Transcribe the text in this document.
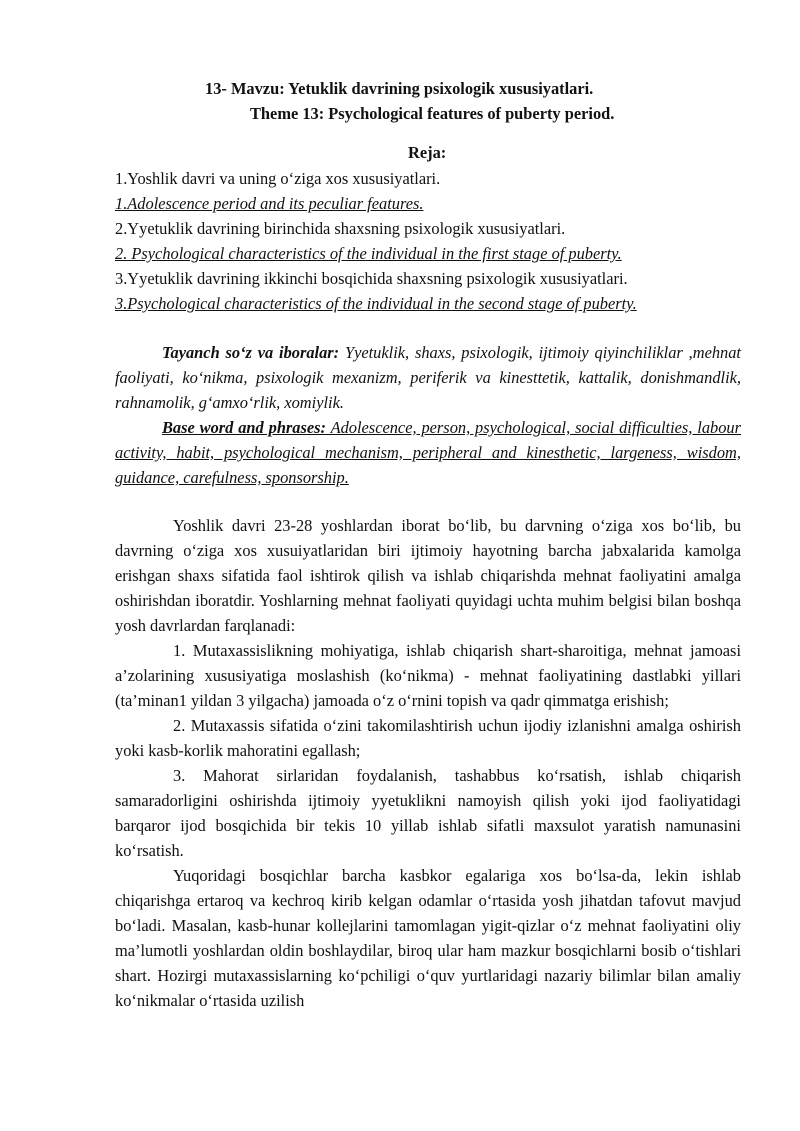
13- Mavzu: Yetuklik davrining psixologik xususiyatlari.
Theme 13: Psychological features of puberty period.
Reja:
1.Yoshlik davri va uning o‘ziga xos xususiyatlari.
1.Adolescence period and its peculiar features.
2.Yyetuklik davrining birinchida shaxsning psixologik xususiyatlari.
2. Psychological characteristics of the individual in the first stage of puberty.
3.Yyetuklik davrining ikkinchi bosqichida shaxsning psixologik xususiyatlari.
3.Psychological characteristics of the individual in the second stage of puberty.

Tayanch so‘z va iboralar: Yyetuklik, shaxs, psixologik, ijtimoiy qiyinchiliklar ,mehnat faoliyati, ko‘nikma, psixologik mexanizm, periferik va kinesttetik, kattalik, donishmandlik, rahnamolik, g‘amxo‘rlik, xomiylik.

Base word and phrases: Adolescence, person, psychological, social difficulties, labour activity, habit, psychological mechanism, peripheral and kinesthetic, largeness, wisdom, guidance, carefulness, sponsorship.

Yoshlik davri 23-28 yoshlardan iborat bo‘lib, bu darvning o‘ziga xos bo‘lib, bu davrning o‘ziga xos xusuiyatlaridan biri ijtimoiy hayotning barcha jabxalarida kamolga erishgan shaxs sifatida faol ishtirok qilish va ishlab chiqarishda mehnat faoliyatini amalga oshirishdan iboratdir. Yoshlarning mehnat faoliyati quyidagi uchta muhim belgisi bilan boshqa yosh davrlardan farqlanadi:

1. Mutaxassislikning mohiyatiga, ishlab chiqarish shart-sharoitiga, mehnat jamoasi a’zolarining xususiyatiga moslashish (ko‘nikma) - mehnat faoliyatining dastlabki yillari (ta’minan1 yildan 3 yilgacha) jamoada o‘z o‘rnini topish va qadr qimmatga erishish;

2. Mutaxassis sifatida o‘zini takomilashtirish uchun ijodiy izlanishni amalga oshirish yoki kasb-korlik mahoratini egallash;

3. Mahorat sirlaridan foydalanish, tashabbus ko‘rsatish, ishlab chiqarish samaradorligini oshirishda ijtimoiy yyetuklikni namoyish qilish yoki ijod faoliyatidagi barqaror ijod bosqichida bir tekis 10 yillab ishlab sifatli maxsulot yaratish namunasini ko‘rsatish.

Yuqoridagi bosqichlar barcha kasbkor egalariga xos bo‘lsa-da, lekin ishlab chiqarishga ertaroq va kechroq kirib kelgan odamlar o‘rtasida yosh jihatdan tafovut mavjud bo‘ladi. Masalan, kasb-hunar kollejlarini tamomlagan yigit-qizlar o‘z mehnat faoliyatini oliy ma’lumotli yoshlardan oldin boshlaydilar, biroq ular ham mazkur bosqichlarni bosib o‘tishlari shart. Hozirgi mutaxassislarning ko‘pchiligi o‘quv yurtlaridagi nazariy bilimlar bilan amaliy ko‘nikmalar o‘rtasida uzilish
